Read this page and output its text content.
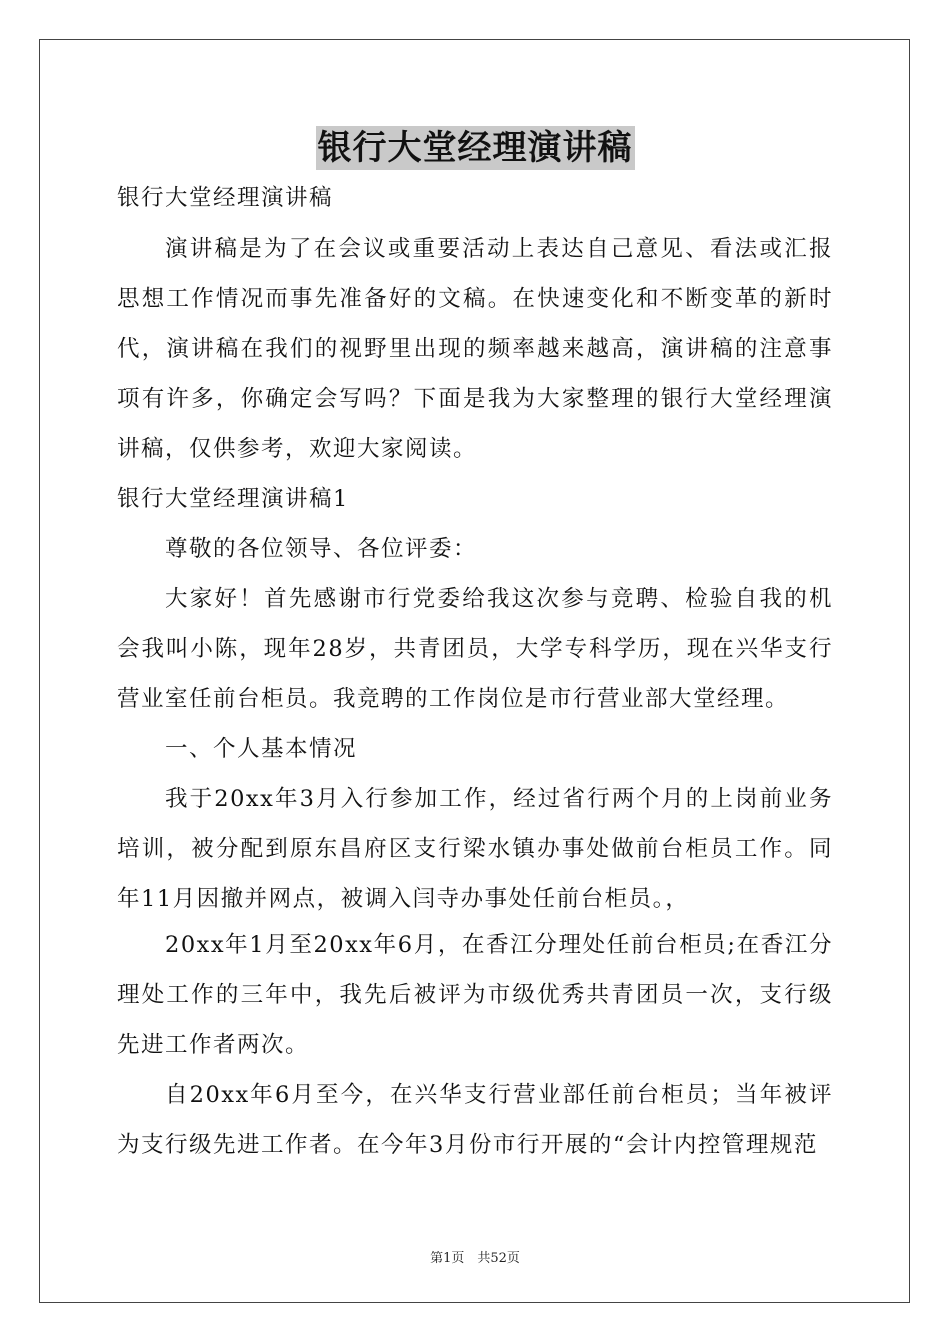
银行大堂经理演讲稿

银行大堂经理演讲稿

演讲稿是为了在会议或重要活动上表达自己意见、看法或汇报思想工作情况而事先准备好的文稿。在快速变化和不断变革的新时代，演讲稿在我们的视野里出现的频率越来越高，演讲稿的注意事项有许多，你确定会写吗？下面是我为大家整理的银行大堂经理演讲稿，仅供参考，欢迎大家阅读。

银行大堂经理演讲稿1

尊敬的各位领导、各位评委：

大家好！首先感谢市行党委给我这次参与竞聘、检验自我的机会我叫小陈，现年28岁，共青团员，大学专科学历，现在兴华支行营业室任前台柜员。我竞聘的工作岗位是市行营业部大堂经理。

一、个人基本情况

我于20xx年3月入行参加工作，经过省行两个月的上岗前业务培训，被分配到原东昌府区支行梁水镇办事处做前台柜员工作。同年11月因撤并网点，被调入闫寺办事处任前台柜员。，

20xx年1月至20xx年6月，在香江分理处任前台柜员;在香江分理处工作的三年中，我先后被评为市级优秀共青团员一次，支行级先进工作者两次。

自20xx年6月至今，在兴华支行营业部任前台柜员；当年被评为支行级先进工作者。在今年3月份市行开展的“会计内控管理规范

第1页　共52页
